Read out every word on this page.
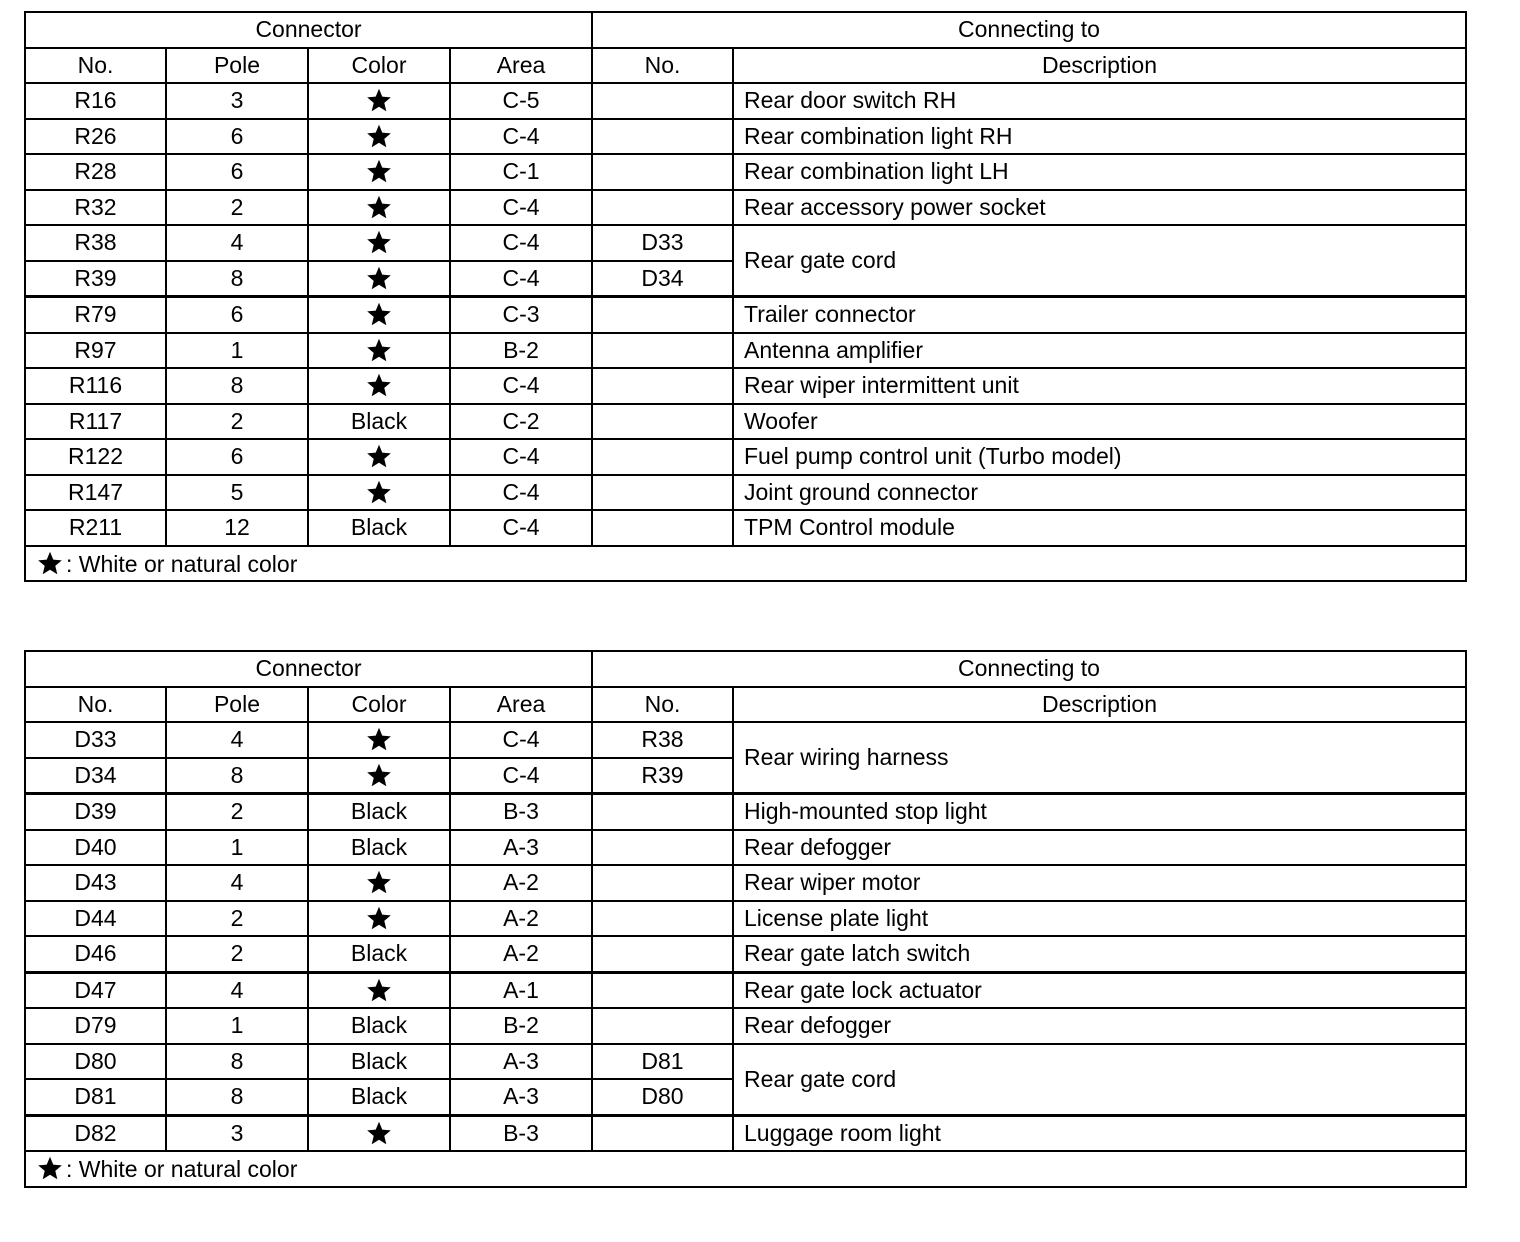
Connector				Connecting to	
No.	Pole	Color	Area	No.	Description
R16	3		C-5		Rear door switch RH
R26	6		C-4		Rear combination light RH
R28	6		C-1		Rear combination light LH
R32	2		C-4		Rear accessory power socket
R38	4		C-4	D33	Rear gate cord
R39	8		C-4	D34	
R79	6		C-3		Trailer connector
R97	1		B-2		Antenna amplifier
R116	8		C-4		Rear wiper intermittent unit
R117	2	Black	C-2		Woofer
R122	6		C-4		Fuel pump control unit (Turbo model)
R147	5		C-4		Joint ground connector
R211	12	Black	C-4		TPM Control module
: White or natural color					
Connector				Connecting to	
No.	Pole	Color	Area	No.	Description
D33	4		C-4	R38	Rear wiring harness
D34	8		C-4	R39	
D39	2	Black	B-3		High-mounted stop light
D40	1	Black	A-3		Rear defogger
D43	4		A-2		Rear wiper motor
D44	2		A-2		License plate light
D46	2	Black	A-2		Rear gate latch switch
D47	4		A-1		Rear gate lock actuator
D79	1	Black	B-2		Rear defogger
D80	8	Black	A-3	D81	Rear gate cord
D81	8	Black	A-3	D80	
D82	3		B-3		Luggage room light
: White or natural color					
